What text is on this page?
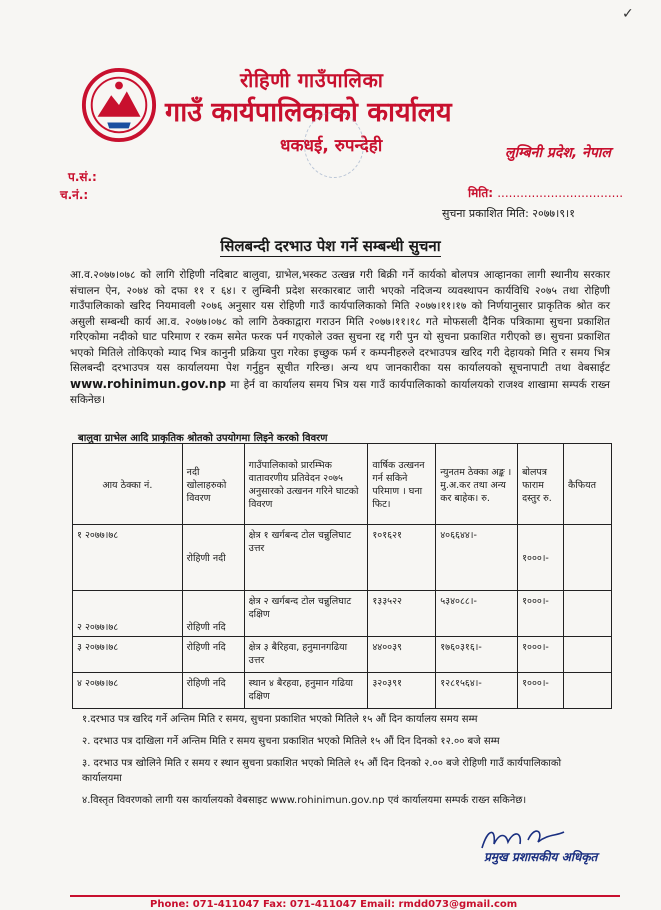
✓
रोहिणी गाउँपालिका
गाउँ कार्यपालिकाको कार्यालय
धकधई, रुपन्देही	लुम्बिनी प्रदेश, नेपाल
प.सं.:
च.नं.:	मिति: .................................
सुचना प्रकाशित मिति: २०७७।९।१
सिलबन्दी दरभाउ पेश गर्ने सम्बन्धी सुचना
आ.व.२०७७।०७८ को लागि रोहिणी नदिबाट बालुवा, ग्राभेल,भस्कट उत्खन्न गरी बिक्री गर्ने कार्यको बोलपत्र आव्हानका लागी स्थानीय सरकार संचालन ऐन, २०७४ को दफा ११ र ६४। र लुम्बिनी प्रदेश सरकारबाट जारी भएको नदिजन्य व्यवस्थापन कार्यविधि २०७५ तथा रोहिणी गाउँपालिकाको खरिद नियमावली २०७६ अनुसार यस रोहिणी गाउँ कार्यपालिकाको मिति २०७७।११।१७ को निर्णयानुसार प्राकृतिक श्रोत कर असुली सम्बन्धी कार्य आ.व. २०७७।०७८ को लागि ठेक्काद्वारा गराउन मिति २०७७।११।१८ गते मोफसली दैनिक पत्रिकामा सुचना प्रकाशित गरिएकोमा नदीको घाट परिमाण र रकम समेत फरक पर्न गएकोले उक्त सुचना रद्द गरी पुन यो सुचना प्रकाशित गरीएको छ। सुचना प्रकाशित भएको मितिले तोकिएको म्याद भित्र कानुनी प्रक्रिया पुरा गरेका इच्छुक फर्म र कम्पनीहरुले दरभाउपत्र खरिद गरी देहायको मिति र समय भित्र सिलबन्दी दरभाउपत्र यस कार्यालयमा पेश गर्नुहुन सूचीत गरिन्छ। अन्य थप जानकारीका यस कार्यालयको सूचनापाटी तथा वेबसाईट www.rohinimun.gov.np मा हेर्न वा कार्यालय समय भित्र यस गाउँ कार्यपालिकाको कार्यालयको राजश्व शाखामा सम्पर्क राख्न सकिनेछ।
बालुवा ग्राभेल आदि प्राकृतिक श्रोतको उपयोगमा लिइने करको विवरण
आय ठेक्का नं.	नदी खोलाहरुको विवरण	गाउँपालिकाको प्रारम्भिक वातावरणीय प्रतिवेदन २०७५ अनुसारको उत्खनन गरिने घाटको विवरण	वार्षिक उत्खनन गर्न सकिने परिमाण । घना फिट।	न्युनतम ठेक्का अङ्क ।मु.अ.कर तथा अन्य कर बाहेक। रु.	बोलपत्र फाराम दस्तुर रु.	कैफियत
१ २०७७।७८	रोहिणी नदी	क्षेत्र १ खर्गबन्द टोल चन्नुलिघाट उत्तर	१०१६२१	४०६६४४।-	१०००।-	
२ २०७७।७८	रोहिणी नदि	क्षेत्र २ खर्गबन्द टोल चन्नुलिघाट दक्षिण	१३३५२२	५३४०८८।-	१०००।-	
३ २०७७।७८	रोहिणी नदि	क्षेत्र ३ बैरिहवा, हनुमानगढिया उत्तर	४४००३९	१७६०३१६।-	१०००।-	
४ २०७७।७८	रोहिणी नदि	स्थान ४ बैरहवा, हनुमान गढिया दक्षिण	३२०३९१	१२८१५६४।-	१०००।-	

१.दरभाउ पत्र खरिद गर्ने अन्तिम मिति र समय, सुचना प्रकाशित भएको मितिले १५ औं दिन कार्यालय समय सम्म

२. दरभाउ पत्र दाखिला गर्ने अन्तिम मिति र समय सुचना प्रकाशित भएको मितिले १५ औं दिन दिनको १२.०० बजे सम्म

३. दरभाउ पत्र खोलिने मिति र समय र स्थान सुचना प्रकाशित भएको मितिले १५ औं दिन दिनको २.०० बजे रोहिणी गाउँ कार्यपालिकाको कार्यालयमा

४.विस्तृत विवरणको लागी यस कार्यालयको वेबसाइट www.rohinimun.gov.np एवं कार्यालयमा सम्पर्क राख्न सकिनेछ।

प्रमुख प्रशासकीय अधिकृत
Phone: 071-411047 Fax: 071-411047 Email: rmdd073@gmail.com
